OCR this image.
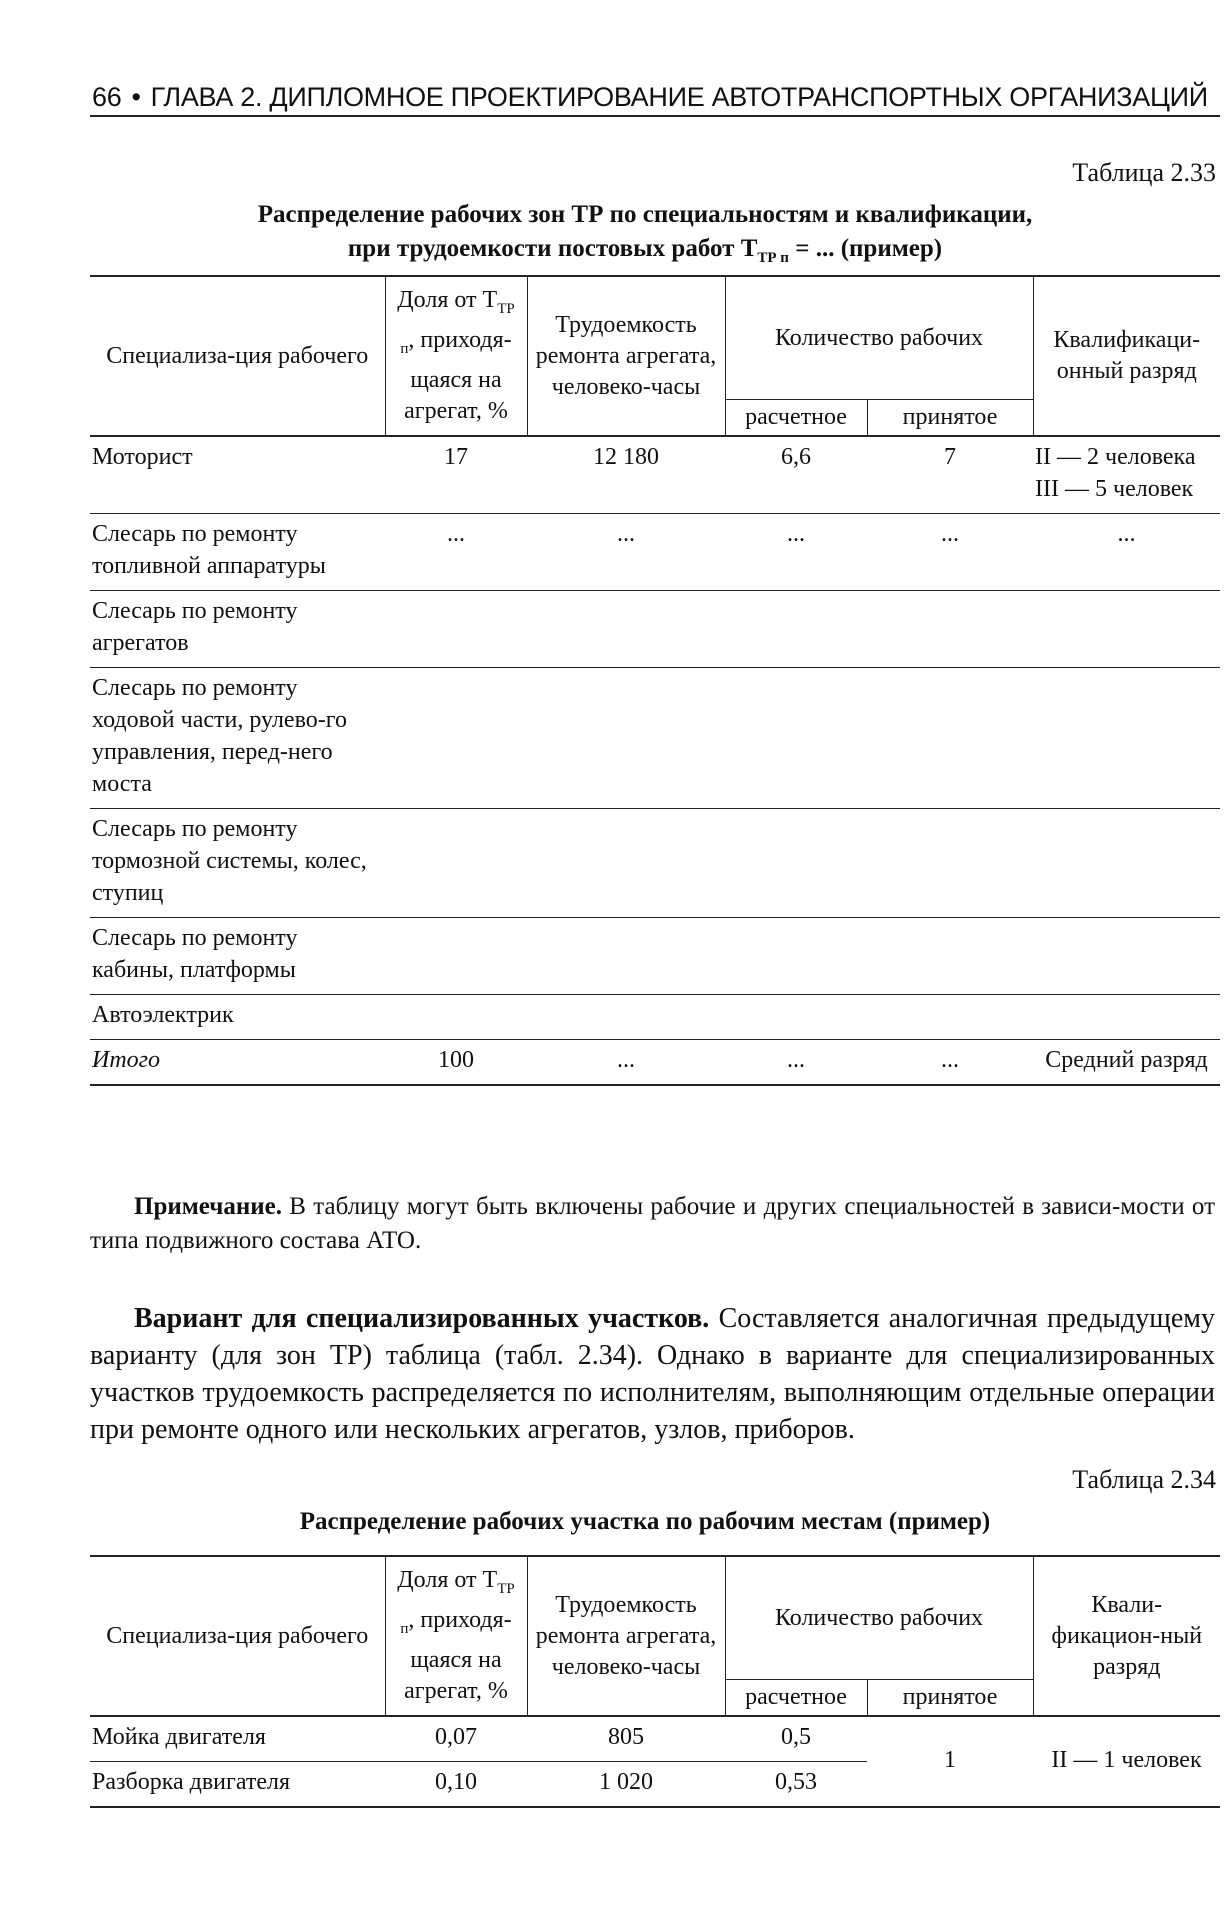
66 • ГЛАВА 2. ДИПЛОМНОЕ ПРОЕКТИРОВАНИЕ АВТОТРАНСПОРТНЫХ ОРГАНИЗАЦИЙ
Таблица 2.33
Распределение рабочих зон ТР по специальностям и квалификации,
при трудоемкости постовых работ $T_{ТР п}$ = ... (пример)
Специализа-ция рабочего	Доля от $T_{ТР п}$, приходя-щаяся на агрегат, %	Трудоемкость ремонта агрегата, человеко-часы	Количество рабочих		Квалификаци-онный разряд
			расчетное	принятое	
Моторист	17	12 180	6,6	7	II — 2 человека III — 5 человек
Слесарь по ремонту топливной аппаратуры	...	...	...	...	...
Слесарь по ремонту агрегатов					
Слесарь по ремонту ходовой части, рулево-го управления, перед-него моста					
Слесарь по ремонту тормозной системы, колес, ступиц					
Слесарь по ремонту кабины, платформы					
Автоэлектрик					
Итого	100	...	...	...	Средний разряд
Примечание. В таблицу могут быть включены рабочие и других специальностей в зависи-мости от типа подвижного состава АТО.
Вариант для специализированных участков. Составляется аналогичная предыдущему варианту (для зон ТР) таблица (табл. 2.34). Однако в варианте для специализированных участков трудоемкость распределяется по исполнителям, выполняющим отдельные операции при ремонте одного или нескольких агрегатов, узлов, приборов.
Таблица 2.34
Распределение рабочих участка по рабочим местам (пример)
Специализа-ция рабочего	Доля от $T_{ТР п}$, приходя-щаяся на агрегат, %	Трудоемкость ремонта агрегата, человеко-часы	Количество рабочих		Квали-фикацион-ный разряд
			расчетное	принятое	
Мойка двигателя	0,07	805	0,5	1	II — 1 человек
Разборка двигателя	0,10	1 020	0,53		
